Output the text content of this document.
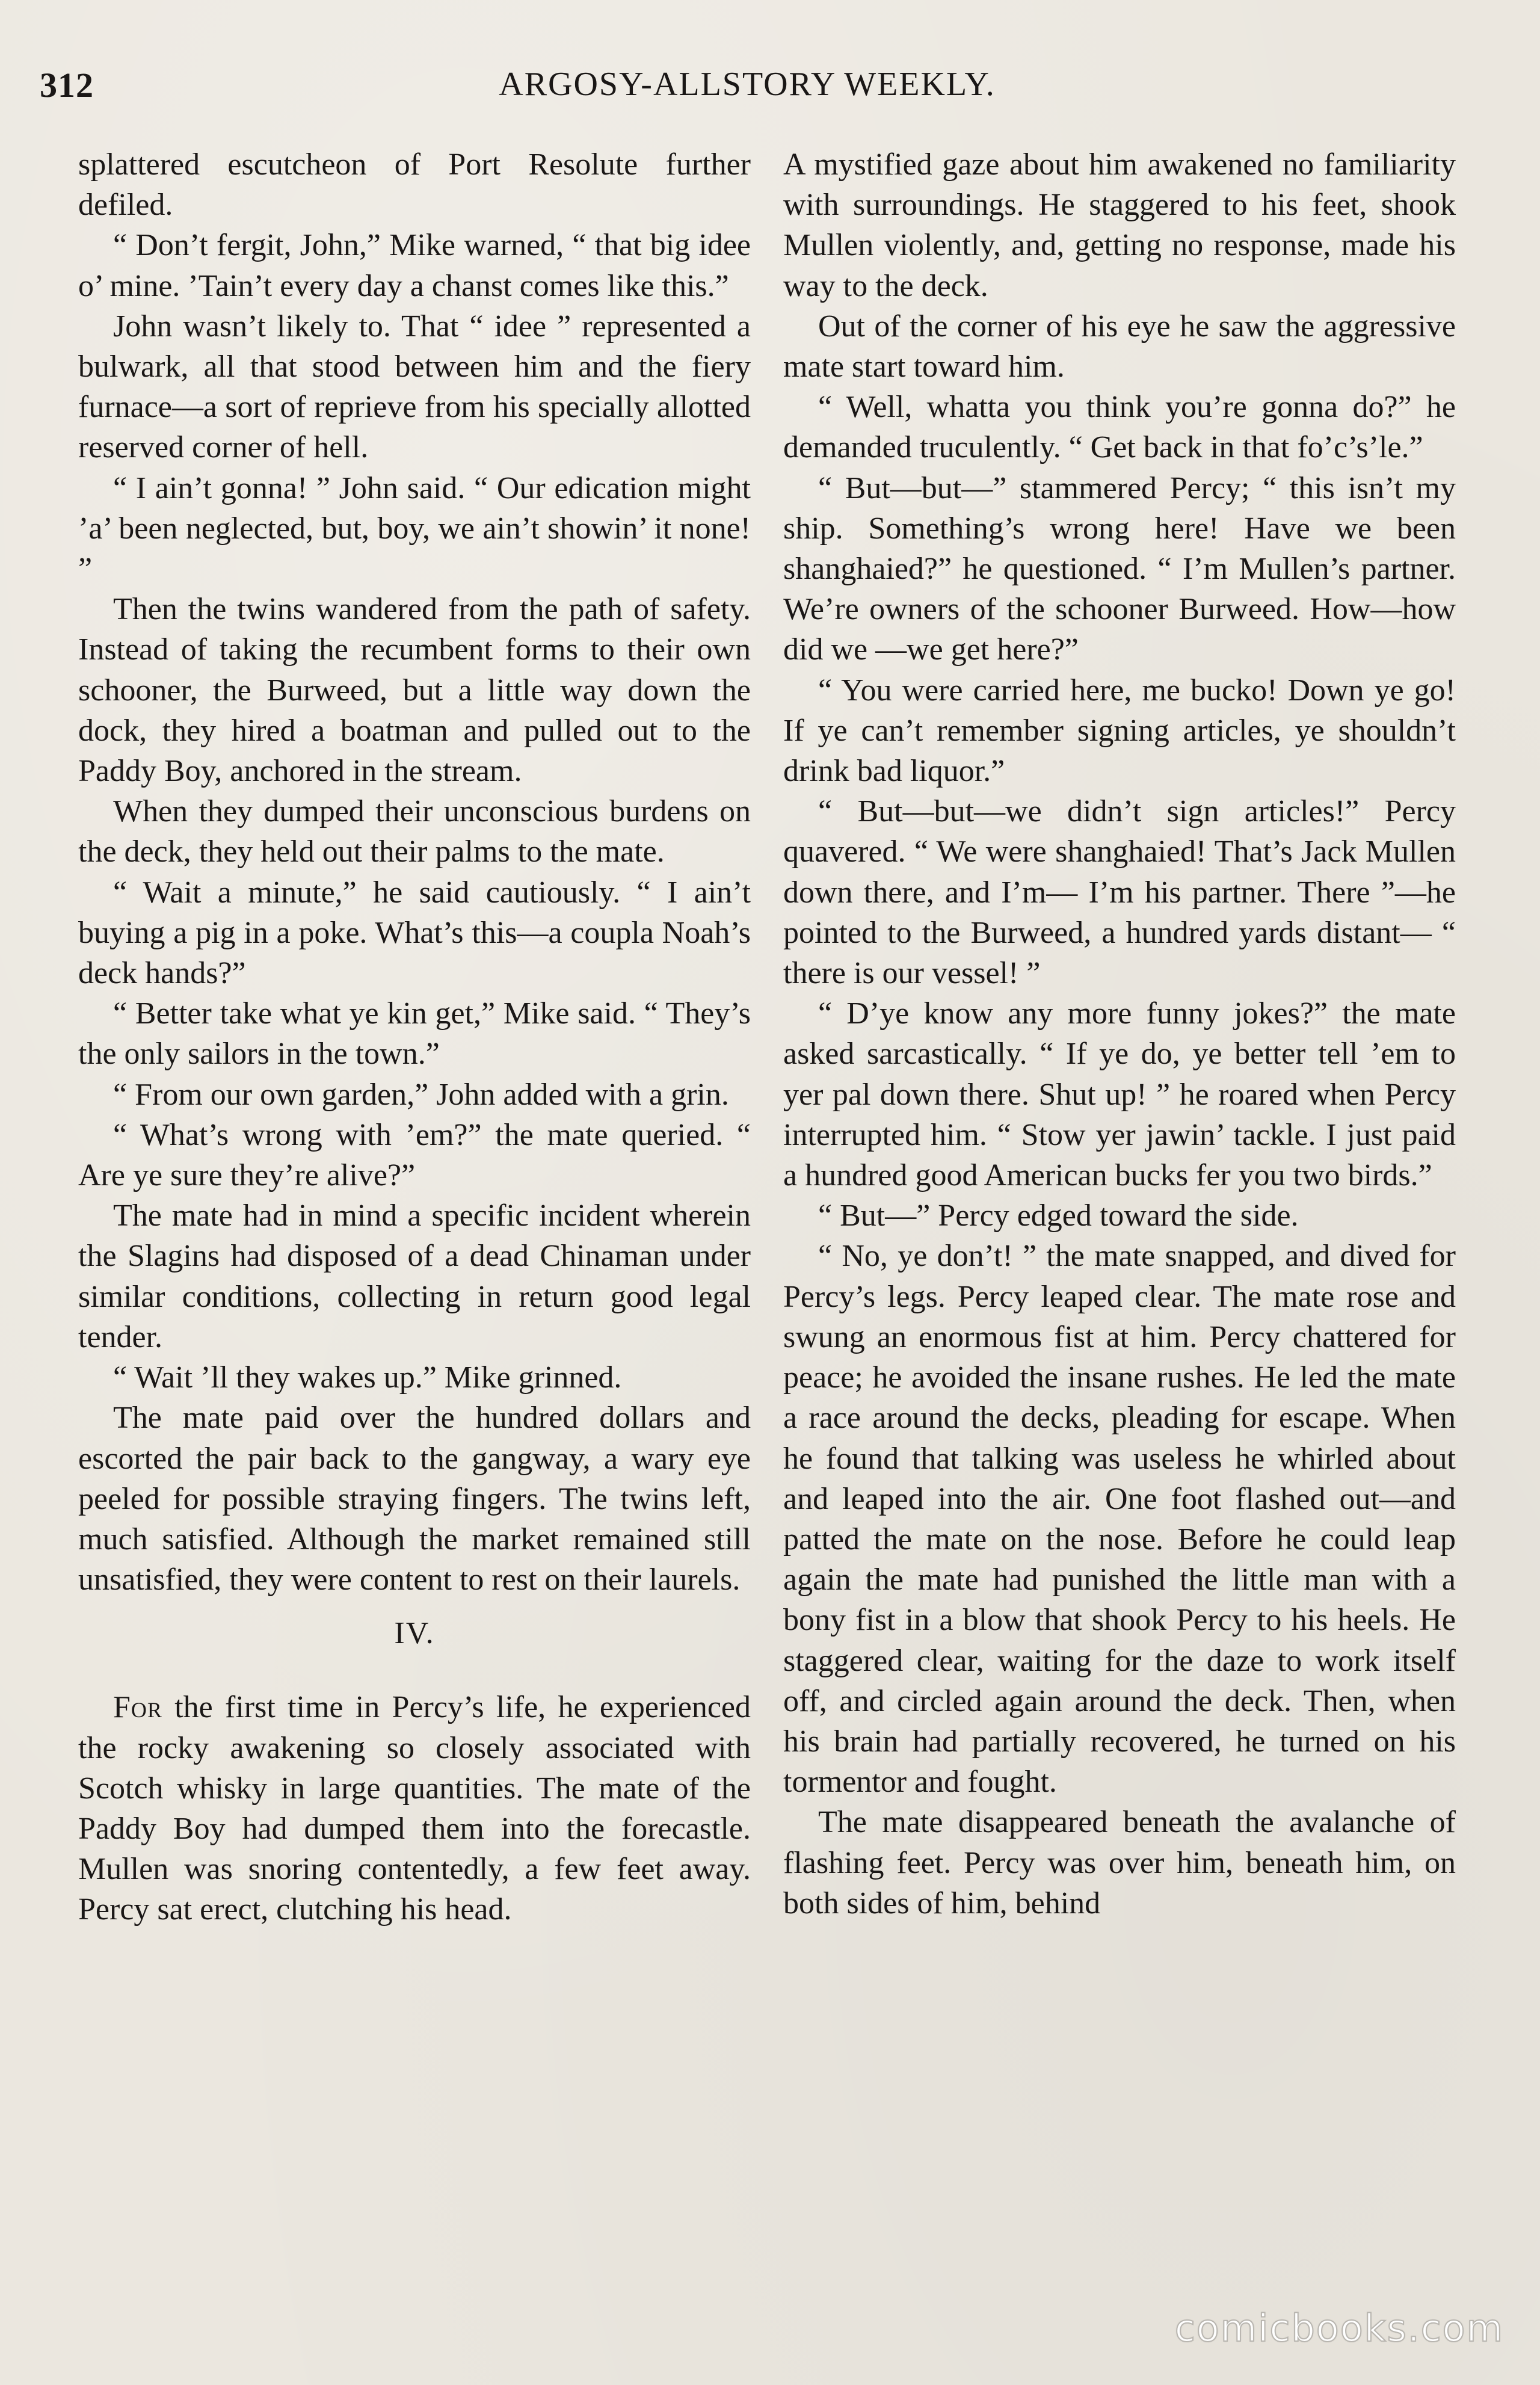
312	ARGOSY-ALLSTORY WEEKLY.

splattered escutcheon of Port Resolute further defiled.

“ Don’t fergit, John,” Mike warned, “ that big idee o’ mine. ’Tain’t every day a chanst comes like this.”

John wasn’t likely to. That “ idee ” represented a bulwark, all that stood between him and the fiery furnace—a sort of reprieve from his specially allotted reserved corner of hell.

“ I ain’t gonna! ” John said. “ Our edication might ’a’ been neglected, but, boy, we ain’t showin’ it none! ”

Then the twins wandered from the path of safety. Instead of taking the recumbent forms to their own schooner, the Burweed, but a little way down the dock, they hired a boatman and pulled out to the Paddy Boy, anchored in the stream.

When they dumped their unconscious burdens on the deck, they held out their palms to the mate.

“ Wait a minute,” he said cautiously. “ I ain’t buying a pig in a poke. What’s this—a coupla Noah’s deck hands?”

“ Better take what ye kin get,” Mike said. “ They’s the only sailors in the town.”

“ From our own garden,” John added with a grin.

“ What’s wrong with ’em?” the mate queried. “ Are ye sure they’re alive?”

The mate had in mind a specific incident wherein the Slagins had disposed of a dead Chinaman under similar conditions, collecting in return good legal tender.

“ Wait ’ll they wakes up.” Mike grinned.

The mate paid over the hundred dollars and escorted the pair back to the gangway, a wary eye peeled for possible straying fingers. The twins left, much satisfied. Although the market remained still unsatisfied, they were content to rest on their laurels.

IV.

For the first time in Percy’s life, he experienced the rocky awakening so closely associated with Scotch whisky in large quantities. The mate of the Paddy Boy had dumped them into the forecastle. Mullen was snoring contentedly, a few feet away. Percy sat erect, clutching his head.

A mystified gaze about him awakened no familiarity with surroundings. He staggered to his feet, shook Mullen violently, and, getting no response, made his way to the deck.

Out of the corner of his eye he saw the aggressive mate start toward him.

“ Well, whatta you think you’re gonna do?” he demanded truculently. “ Get back in that fo’c’s’le.”

“ But—but—” stammered Percy; “ this isn’t my ship. Something’s wrong here! Have we been shanghaied?” he questioned. “ I’m Mullen’s partner. We’re owners of the schooner Burweed. How—how did we —we get here?”

“ You were carried here, me bucko! Down ye go! If ye can’t remember signing articles, ye shouldn’t drink bad liquor.”

“ But—but—we didn’t sign articles!” Percy quavered. “ We were shanghaied! That’s Jack Mullen down there, and I’m— I’m his partner. There ”—he pointed to the Burweed, a hundred yards distant— “ there is our vessel! ”

“ D’ye know any more funny jokes?” the mate asked sarcastically. “ If ye do, ye better tell ’em to yer pal down there. Shut up! ” he roared when Percy interrupted him. “ Stow yer jawin’ tackle. I just paid a hundred good American bucks fer you two birds.”

“ But—” Percy edged toward the side.

“ No, ye don’t! ” the mate snapped, and dived for Percy’s legs. Percy leaped clear. The mate rose and swung an enormous fist at him. Percy chattered for peace; he avoided the insane rushes. He led the mate a race around the decks, pleading for escape. When he found that talking was useless he whirled about and leaped into the air. One foot flashed out—and patted the mate on the nose. Before he could leap again the mate had punished the little man with a bony fist in a blow that shook Percy to his heels. He staggered clear, waiting for the daze to work itself off, and circled again around the deck. Then, when his brain had partially recovered, he turned on his tormentor and fought.

The mate disappeared beneath the avalanche of flashing feet. Percy was over him, beneath him, on both sides of him, behind

comicbooks.com
